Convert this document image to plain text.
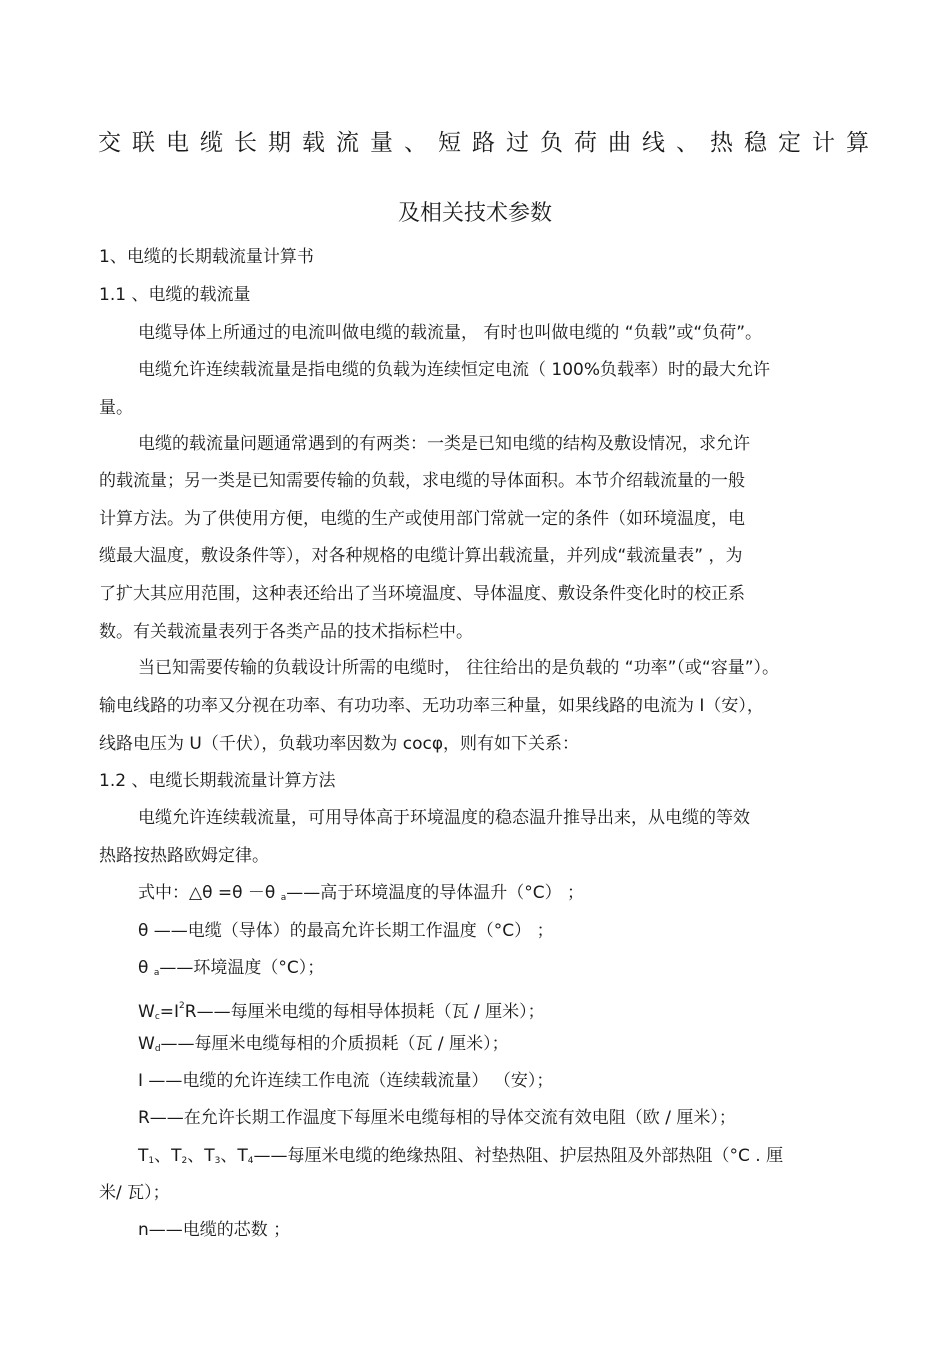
交联电缆长期载流量、短路过负荷曲线、热稳定计算
及相关技术参数
1、电缆的长期载流量计算书
1.1 、电缆的载流量
电缆导体上所通过的电流叫做电缆的载流量， 有时也叫做电缆的 “负载”或“负荷”。
电缆允许连续载流量是指电缆的负载为连续恒定电流（ 100%负载率）时的最大允许
量。
电缆的载流量问题通常遇到的有两类：一类是已知电缆的结构及敷设情况，求允许
的载流量；另一类是已知需要传输的负载，求电缆的导体面积。本节介绍载流量的一般
计算方法。为了供使用方便，电缆的生产或使用部门常就一定的条件（如环境温度，电
缆最大温度，敷设条件等），对各种规格的电缆计算出载流量，并列成“载流量表” ，为
了扩大其应用范围，这种表还给出了当环境温度、导体温度、敷设条件变化时的校正系
数。有关载流量表列于各类产品的技术指标栏中。
当已知需要传输的负载设计所需的电缆时， 往往给出的是负载的 “功率”（或“容量”）。
输电线路的功率又分视在功率、有功功率、无功功率三种量，如果线路的电流为 I（安），
线路电压为 U（千伏），负载功率因数为 cocφ，则有如下关系：
1.2 、电缆长期载流量计算方法
电缆允许连续载流量，可用导体高于环境温度的稳态温升推导出来，从电缆的等效
热路按热路欧姆定律。
式中：△θ =θ －θ $_a$——高于环境温度的导体温升（°C） ；
θ ——电缆（导体）的最高允许长期工作温度（°C） ；
θ $_a$——环境温度（°C）；
$W_c=I^2R——$每厘米电缆的每相导体损耗（瓦 / 厘米）；
$W_d——$每厘米电缆每相的介质损耗（瓦 / 厘米）；
I ——电缆的允许连续工作电流（连续载流量） （安）；
R——在允许长期工作温度下每厘米电缆每相的导体交流有效电阻（欧 / 厘米）；
$T_1$、$T_2$、$T_3$、$T_4——$每厘米电缆的绝缘热阻、衬垫热阻、护层热阻及外部热阻（°C . 厘
米/ 瓦）；
n——电缆的芯数 ；
